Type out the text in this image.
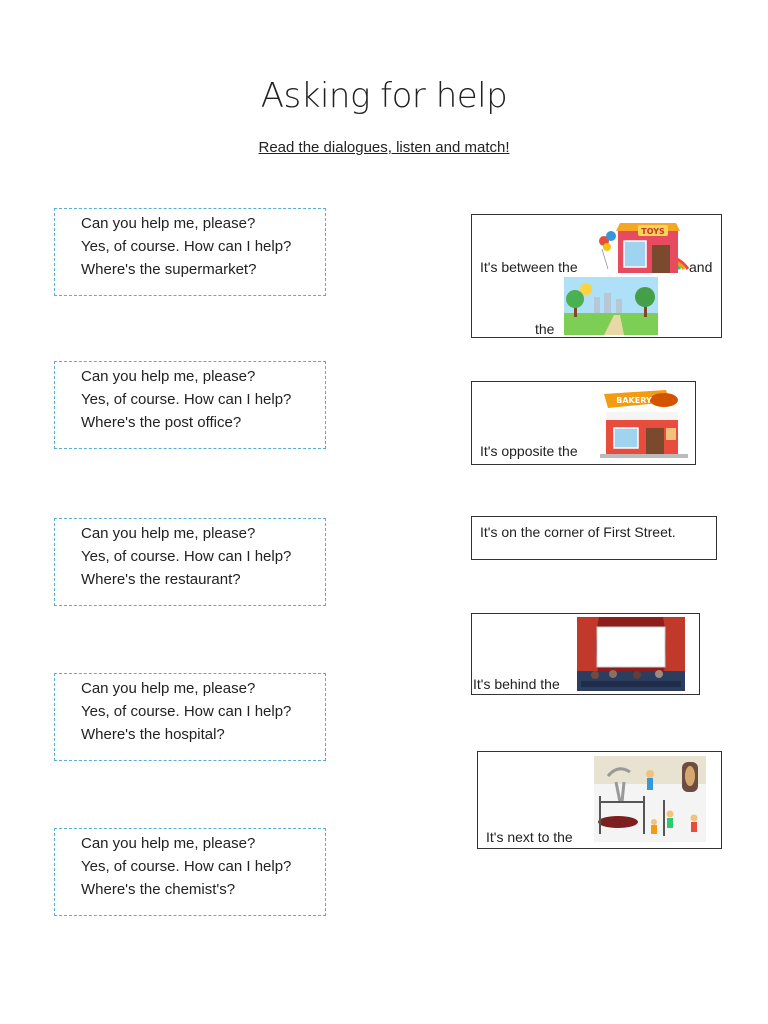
Asking for help
Read the dialogues, listen and match!
Can you help me, please?
Yes, of course. How can I help?
Where's the supermarket?
Can you help me, please?
Yes, of course. How can I help?
Where's the post office?
Can you help me, please?
Yes, of course. How can I help?
Where's the restaurant?
Can you help me, please?
Yes, of course. How can I help?
Where's the hospital?
Can you help me, please?
Yes, of course. How can I help?
Where's the chemist's?
It's between the	and
the
TOYS
It's opposite the
BAKERY
It's on the corner of First Street.
It's behind the
It's next to the
